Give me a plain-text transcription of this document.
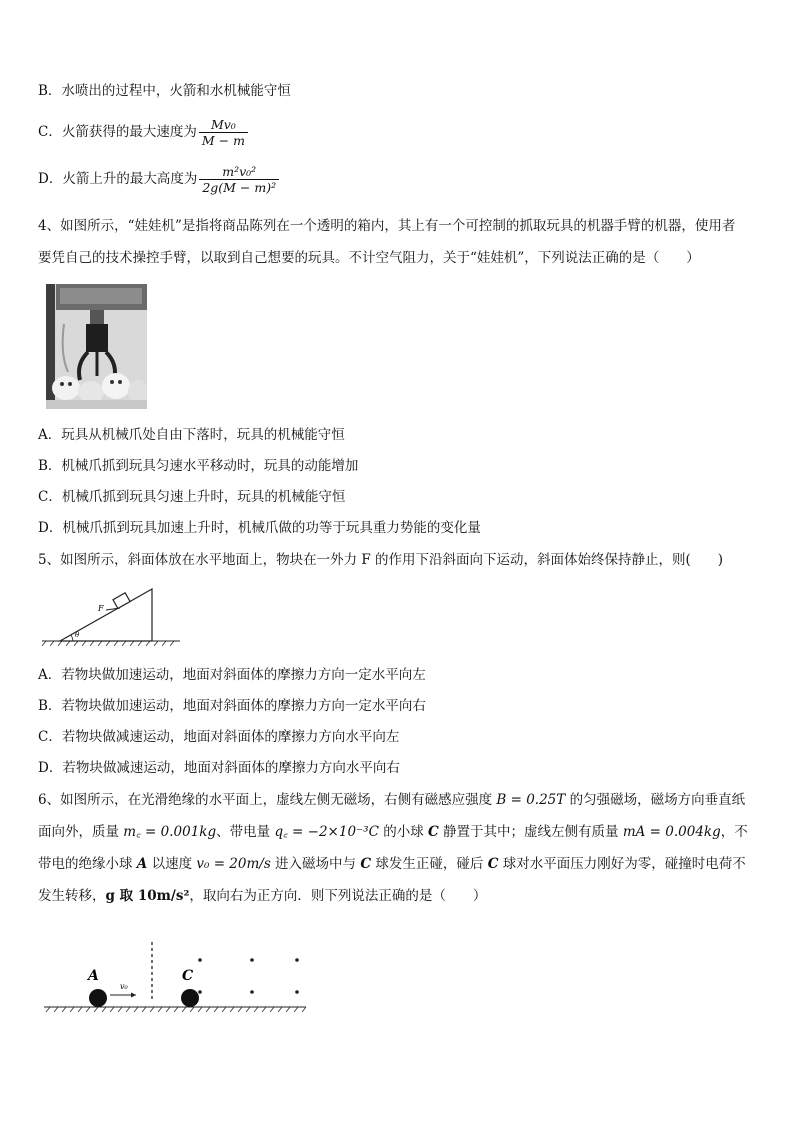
B．水喷出的过程中，火箭和水机械能守恒
C．火箭获得的最大速度为 $\frac{\text{Mv₀}}{M - m}$
D．火箭上升的最大高度为 $\frac{\text{m²v₀²}}{\text{2g(M − m)²}}$
4、如图所示，“娃娃机”是指将商品陈列在一个透明的箱内，其上有一个可控制的抓取玩具的机器手臂的机器，使用者
要凭自己的技术操控手臂，以取到自己想要的玩具。不计空气阻力，关于“娃娃机”，下列说法正确的是（　　）
A．玩具从机械爪处自由下落时，玩具的机械能守恒
B．机械爪抓到玩具匀速水平移动时，玩具的动能增加
C．机械爪抓到玩具匀速上升时，玩具的机械能守恒
D．机械爪抓到玩具加速上升时，机械爪做的功等于玩具重力势能的变化量
5、如图所示，斜面体放在水平地面上，物块在一外力 F 的作用下沿斜面向下运动，斜面体始终保持静止，则(　　)
F
θ
A．若物块做加速运动，地面对斜面体的摩擦力方向一定水平向左
B．若物块做加速运动，地面对斜面体的摩擦力方向一定水平向右
C．若物块做减速运动，地面对斜面体的摩擦力方向水平向左
D．若物块做减速运动，地面对斜面体的摩擦力方向水平向右
6、如图所示，在光滑绝缘的水平面上，虚线左侧无磁场，右侧有磁感应强度 B = 0.25T 的匀强磁场，磁场方向垂直纸面向外，质量 m꜀ = 0.001kg、带电量 q꜀ = −2×10⁻³C 的小球 C 静置于其中；虚线左侧有质量 mA = 0.004kg，不带电的绝缘小球 A 以速度 v₀ = 20m/s 进入磁场中与 C 球发生正碰，碰后 C 球对水平面压力刚好为零，碰撞时电荷不发生转移，g 取 10m/s²，取向右为正方向．则下列说法正确的是（　　）
A	C
v₀
